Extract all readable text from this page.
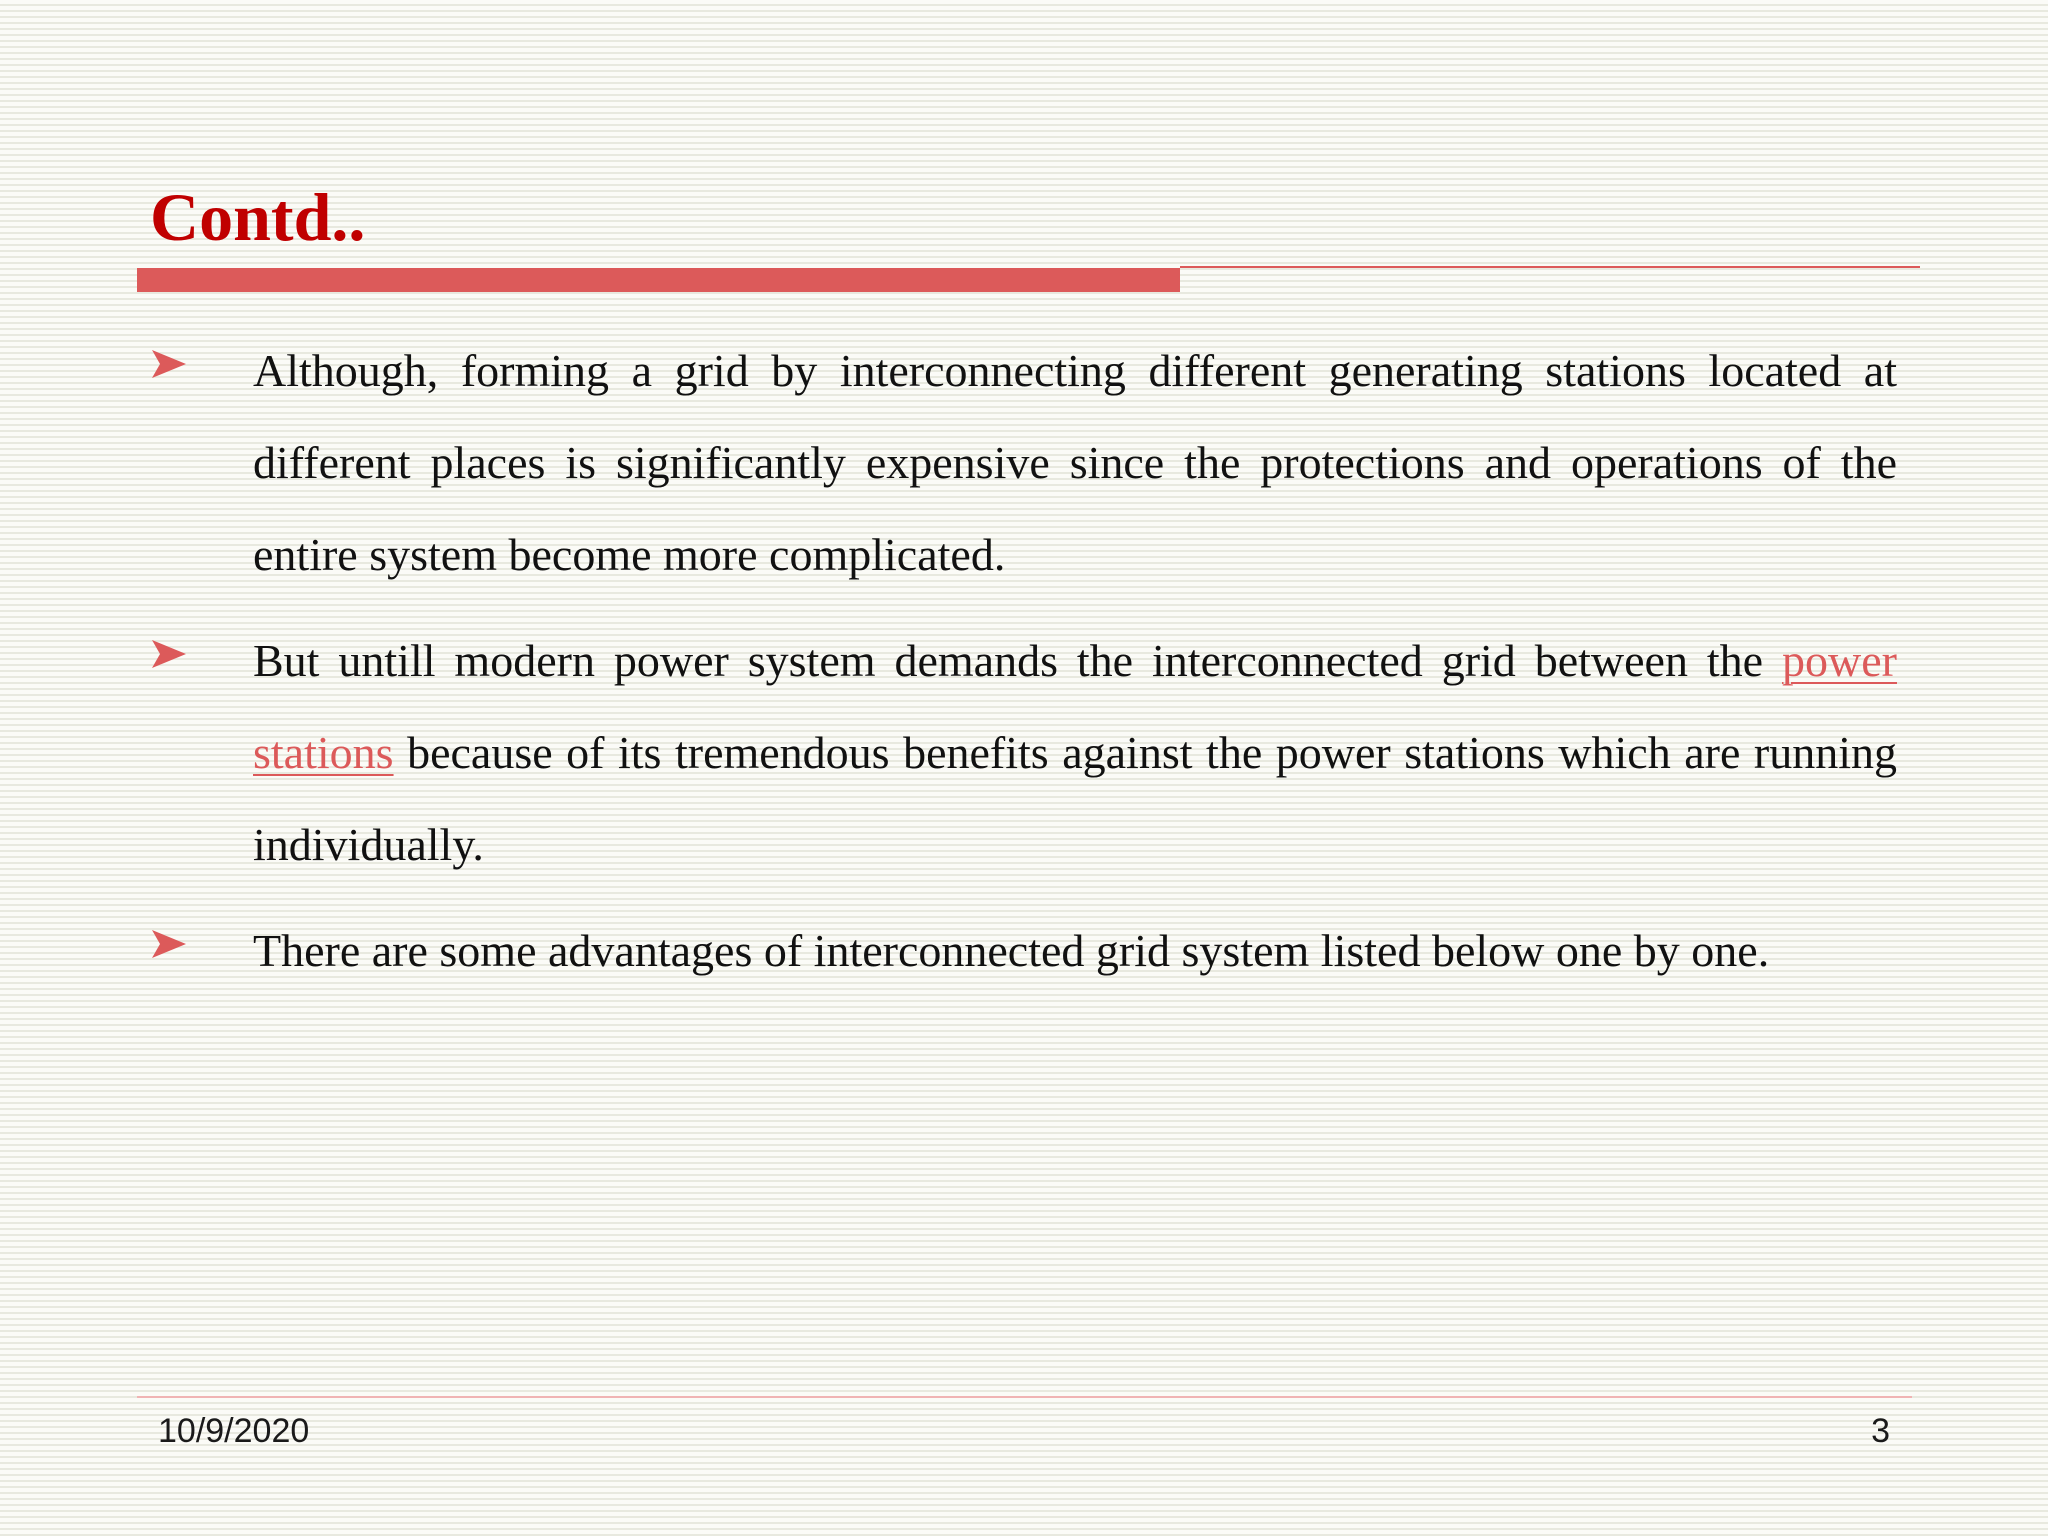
Contd..

Although, forming a grid by interconnecting different generating stations located at different places is significantly expensive since the protections and operations of the entire system become more complicated.

But untill modern power system demands the interconnected grid between the power stations because of its tremendous benefits against the power stations which are running individually.

There are some advantages of interconnected grid system listed below one by one.

10/9/2020	3
